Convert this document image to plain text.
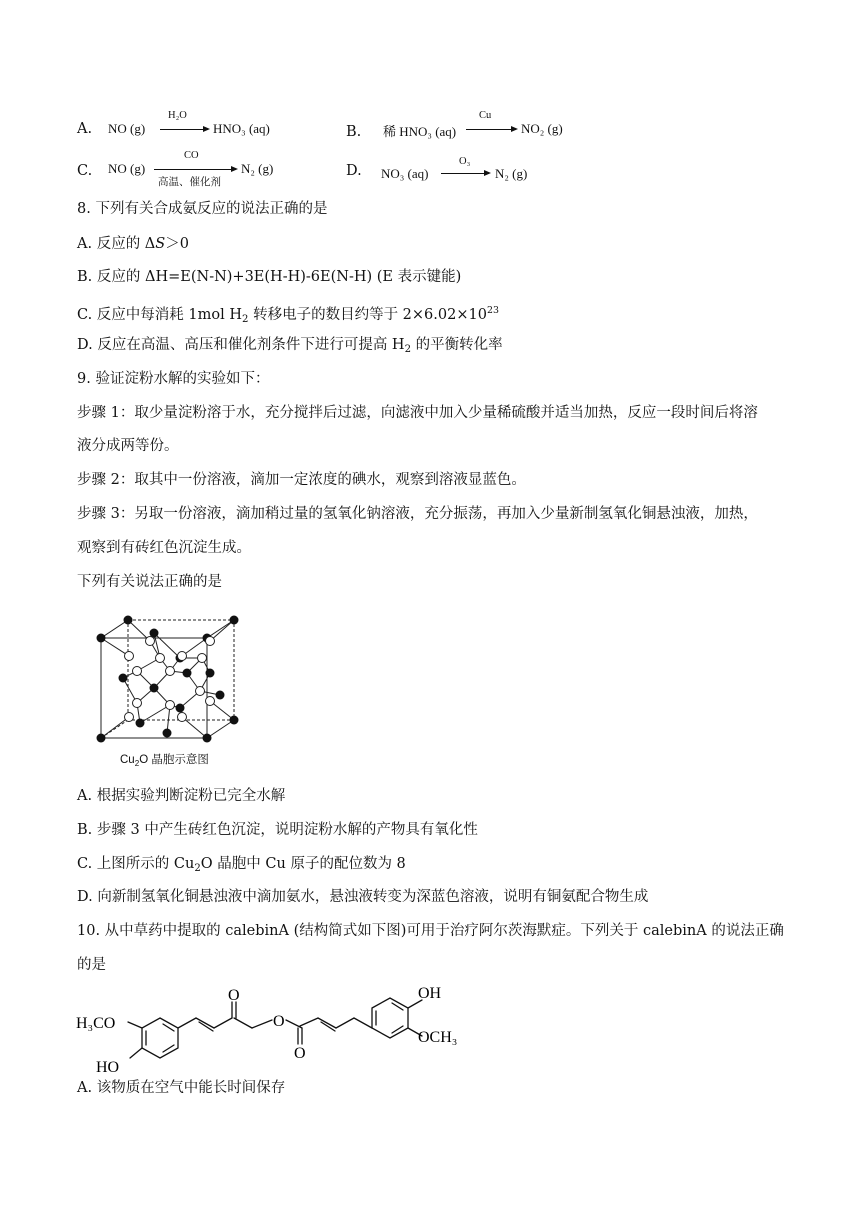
A. NO (g)
H₂O
→ HNO₃ (aq)	B. 稀 HNO₃ (aq)
Cu
→ NO₂ (g)
C. NO (g)
CO
高温、催化剂
N₂ (g)	D. NO₃ (aq)
O₃
→ N₂ (g)
8. 下列有关合成氨反应的说法正确的是
A. 反应的 ΔS＞0
B. 反应的 ΔH=E(N-N)+3E(H-H)-6E(N-H) (E 表示键能)
C. 反应中每消耗 1mol $H_2$ 转移电子的数目约等于 $2\times 6.02\times 10^{23}$
D. 反应在高温、高压和催化剂条件下进行可提高 $H_2$ 的平衡转化率
9. 验证淀粉水解的实验如下：
步骤 1：取少量淀粉溶于水，充分搅拌后过滤，向滤液中加入少量稀硫酸并适当加热，反应一段时间后将溶
液分成两等份。
步骤 2：取其中一份溶液，滴加一定浓度的碘水，观察到溶液显蓝色。
步骤 3：另取一份溶液，滴加稍过量的氢氧化钠溶液，充分振荡，再加入少量新制氢氧化铜悬浊液，加热，
观察到有砖红色沉淀生成。
下列有关说法正确的是
$Cu_2O$ 晶胞示意图
A. 根据实验判断淀粉已完全水解
B. 步骤 3 中产生砖红色沉淀，说明淀粉水解的产物具有氧化性
C. 上图所示的 $Cu_2O$ 晶胞中 Cu 原子的配位数为 8
D. 向新制氢氧化铜悬浊液中滴加氨水，悬浊液转变为深蓝色溶液，说明有铜氨配合物生成
10. 从中草药中提取的 calebinA (结构简式如下图)可用于治疗阿尔茨海默症。下列关于 calebinA 的说法正确
的是
H₃CO
HO
O
O
O
OH
OCH₃
A. 该物质在空气中能长时间保存
